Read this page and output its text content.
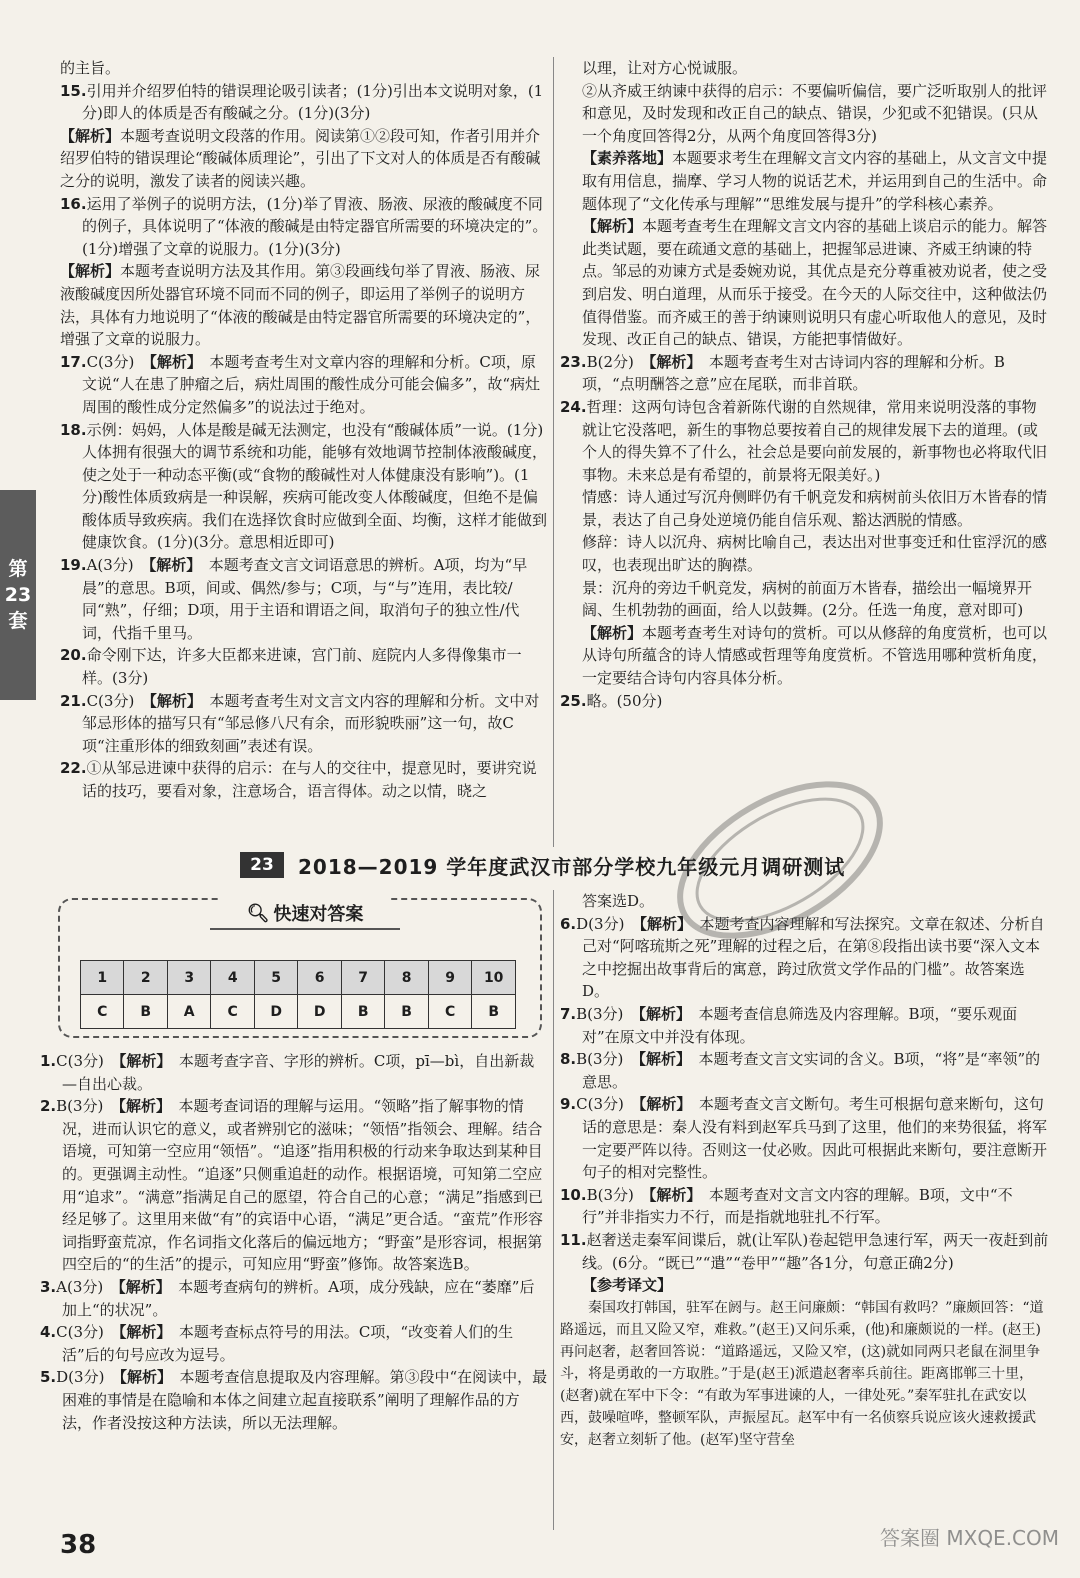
的主旨。
15.引用并介绍罗伯特的错误理论吸引读者；(1分)引出本文说明对象，(1分)即人的体质是否有酸碱之分。(1分)(3分)
【解析】本题考查说明文段落的作用。阅读第①②段可知，作者引用并介绍罗伯特的错误理论“酸碱体质理论”，引出了下文对人的体质是否有酸碱之分的说明，激发了读者的阅读兴趣。
16.运用了举例子的说明方法，(1分)举了胃液、肠液、尿液的酸碱度不同的例子，具体说明了“体液的酸碱是由特定器官所需要的环境决定的”。(1分)增强了文章的说服力。(1分)(3分)
【解析】本题考查说明方法及其作用。第③段画线句举了胃液、肠液、尿液酸碱度因所处器官环境不同而不同的例子，即运用了举例子的说明方法，具体有力地说明了“体液的酸碱是由特定器官所需要的环境决定的”，增强了文章的说服力。
17.C(3分)　 【解析】　 本题考查考生对文章内容的理解和分析。C项，原文说“人在患了肿瘤之后，病灶周围的酸性成分可能会偏多”，故“病灶周围的酸性成分定然偏多”的说法过于绝对。
18.示例：妈妈，人体是酸是碱无法测定，也没有“酸碱体质”一说。(1分)人体拥有很强大的调节系统和功能，能够有效地调节控制体液酸碱度，使之处于一种动态平衡(或“食物的酸碱性对人体健康没有影响”)。(1分)酸性体质致病是一种误解，疾病可能改变人体酸碱度，但绝不是偏酸体质导致疾病。我们在选择饮食时应做到全面、均衡，这样才能做到健康饮食。(1分)(3分。意思相近即可)
19.A(3分)　 【解析】　 本题考查文言文词语意思的辨析。A项，均为“早晨”的意思。B项，间或、偶然/参与；C项，与“与”连用，表比较/同“熟”，仔细；D项，用于主语和谓语之间，取消句子的独立性/代词，代指千里马。
20.命令刚下达，许多大臣都来进谏，宫门前、庭院内人多得像集市一样。(3分)
21.C(3分)　 【解析】　 本题考查考生对文言文内容的理解和分析。文中对邹忌形体的描写只有“邹忌修八尺有余，而形貌昳丽”这一句，故C项“注重形体的细致刻画”表述有误。
22.①从邹忌进谏中获得的启示：在与人的交往中，提意见时，要讲究说话的技巧，要看对象，注意场合，语言得体。动之以情，晓之
以理，让对方心悦诚服。
②从齐威王纳谏中获得的启示：不要偏听偏信，要广泛听取别人的批评和意见，及时发现和改正自己的缺点、错误，少犯或不犯错误。(只从一个角度回答得2分，从两个角度回答得3分)
【素养落地】本题要求考生在理解文言文内容的基础上，从文言文中提取有用信息，揣摩、学习人物的说话艺术，并运用到自己的生活中。命题体现了“文化传承与理解”“思维发展与提升”的学科核心素养。
【解析】本题考查考生在理解文言文内容的基础上谈启示的能力。解答此类试题，要在疏通文意的基础上，把握邹忌进谏、齐威王纳谏的特点。邹忌的劝谏方式是委婉劝说，其优点是充分尊重被劝说者，使之受到启发、明白道理，从而乐于接受。在今天的人际交往中，这种做法仍值得借鉴。而齐威王的善于纳谏则说明只有虚心听取他人的意见，及时发现、改正自己的缺点、错误，方能把事情做好。
23.B(2分)　 【解析】　 本题考查考生对古诗词内容的理解和分析。B项，“点明酬答之意”应在尾联，而非首联。
24.哲理：这两句诗包含着新陈代谢的自然规律，常用来说明没落的事物就让它没落吧，新生的事物总要按着自己的规律发展下去的道理。(或个人的得失算不了什么，社会总是要向前发展的，新事物也必将取代旧事物。未来总是有希望的，前景将无限美好。)
情感：诗人通过写沉舟侧畔仍有千帆竞发和病树前头依旧万木皆春的情景，表达了自己身处逆境仍能自信乐观、豁达洒脱的情感。
修辞：诗人以沉舟、病树比喻自己，表达出对世事变迁和仕宦浮沉的感叹，也表现出旷达的胸襟。
景：沉舟的旁边千帆竞发，病树的前面万木皆春，描绘出一幅境界开阔、生机勃勃的画面，给人以鼓舞。(2分。任选一角度，意对即可)
【解析】本题考查考生对诗句的赏析。可以从修辞的角度赏析，也可以从诗句所蕴含的诗人情感或哲理等角度赏析。不管选用哪种赏析角度，一定要结合诗句内容具体分析。
25.略。(50分)
第
23
套
23	2018—2019 学年度武汉市部分学校九年级元月调研测试
🔍︎ 快速对答案
1	2	3	4	5	6	7	8	9	10
C	B	A	C	D	D	B	B	C	B
1.C(3分)　 【解析】　 本题考查字音、字形的辨析。C项，pī—bì，自出新裁—自出心裁。
2.B(3分)　 【解析】　 本题考查词语的理解与运用。“领略”指了解事物的情况，进而认识它的意义，或者辨别它的滋味；“领悟”指领会、理解。结合语境，可知第一空应用“领悟”。“追逐”指用积极的行动来争取达到某种目的。更强调主动性。“追逐”只侧重追赶的动作。根据语境，可知第二空应用“追求”。“满意”指满足自己的愿望，符合自己的心意；“满足”指感到已经足够了。这里用来做“有”的宾语中心语，“满足”更合适。“蛮荒”作形容词指野蛮荒凉，作名词指文化落后的偏远地方；“野蛮”是形容词，根据第四空后的“的生活”的提示，可知应用“野蛮”修饰。故答案选B。
3.A(3分)　 【解析】　 本题考查病句的辨析。A项，成分残缺，应在“萎靡”后加上“的状况”。
4.C(3分)　 【解析】　 本题考查标点符号的用法。C项，“改变着人们的生活”后的句号应改为逗号。
5.D(3分)　 【解析】　 本题考查信息提取及内容理解。第③段中“在阅读中，最困难的事情是在隐喻和本体之间建立起直接联系”阐明了理解作品的方法，作者没按这种方法读，所以无法理解。
答案选D。
6.D(3分)　 【解析】　 本题考查内容理解和写法探究。文章在叙述、分析自己对“阿喀琉斯之死”理解的过程之后，在第⑧段指出读书要“深入文本之中挖掘出故事背后的寓意，跨过欣赏文学作品的门槛”。故答案选D。
7.B(3分)　 【解析】　 本题考查信息筛选及内容理解。B项，“要乐观面对”在原文中并没有体现。
8.B(3分)　 【解析】　 本题考查文言文实词的含义。B项，“将”是“率领”的意思。
9.C(3分)　 【解析】　 本题考查文言文断句。考生可根据句意来断句，这句话的意思是：秦人没有料到赵军兵马到了这里，他们的来势很猛，将军一定要严阵以待。否则这一仗必败。因此可根据此来断句，要注意断开句子的相对完整性。
10.B(3分)　 【解析】　 本题考查对文言文内容的理解。B项，文中“不行”并非指实力不行，而是指就地驻扎不行军。
11.赵奢送走秦军间谍后，就(让军队)卷起铠甲急速行军，两天一夜赶到前线。(6分。“既已”“遣”“卷甲”“趣”各1分，句意正确2分)
【参考译文】

秦国攻打韩国，驻军在阏与。赵王问廉颇：“韩国有救吗？”廉颇回答：“道路遥远，而且又险又窄，难救。”(赵王)又问乐乘，(他)和廉颇说的一样。(赵王)再问赵奢，赵奢回答说：“道路遥远，又险又窄，(这)就如同两只老鼠在洞里争斗，将是勇敢的一方取胜。”于是(赵王)派遣赵奢率兵前往。距离邯郸三十里，(赵奢)就在军中下令：“有敢为军事进谏的人，一律处死。”秦军驻扎在武安以西，鼓噪喧哗，整顿军队，声振屋瓦。赵军中有一名侦察兵说应该火速救援武安，赵奢立刻斩了他。(赵军)坚守营垒

38	答案圈 MXQE.COM
